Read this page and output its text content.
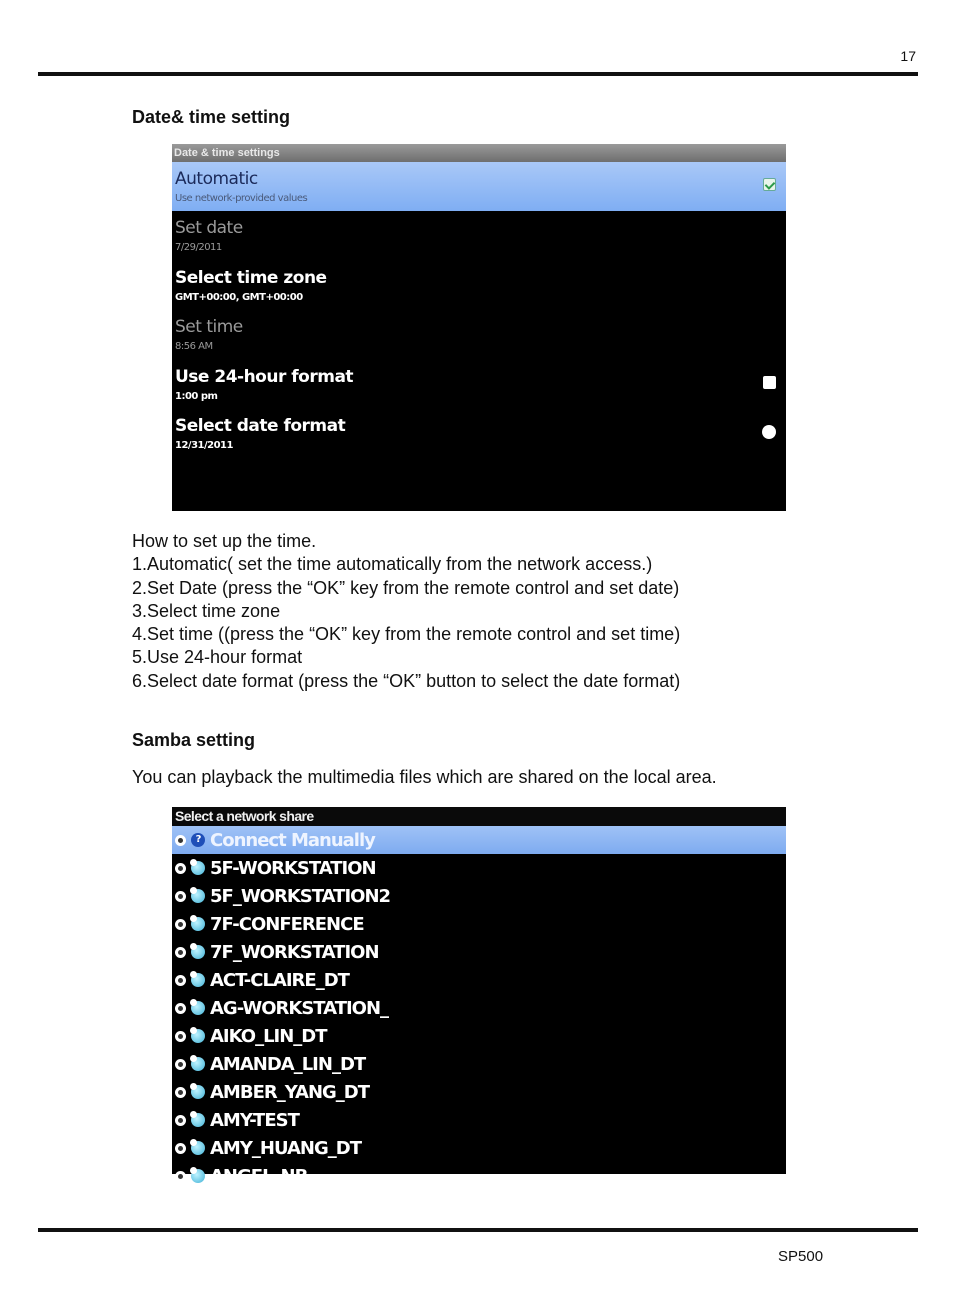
17
Date& time setting
Date & time settings
Automatic
Use network-provided values
Set date
7/29/2011
Select time zone
GMT+00:00, GMT+00:00
Set time
8:56 AM
Use 24-hour format
1:00 pm
Select date format
12/31/2011
How to set up the time.
1.Automatic( set the time automatically from the network access.)
2.Set Date (press the “OK” key from the remote control and set date)
3.Select time zone
4.Set time ((press the “OK” key from the remote control and set time)
5.Use 24-hour format
6.Select date format (press the “OK” button to select the date format)
Samba setting
You can playback the multimedia files which are shared on the local area.
Select a network share
? Connect Manually
5F-WORKSTATION
5F_WORKSTATION2
7F-CONFERENCE
7F_WORKSTATION
ACT-CLAIRE_DT
AG-WORKSTATION_
AIKO_LIN_DT
AMANDA_LIN_DT
AMBER_YANG_DT
AMY-TEST
AMY_HUANG_DT
ANGEL_NB
SP500
